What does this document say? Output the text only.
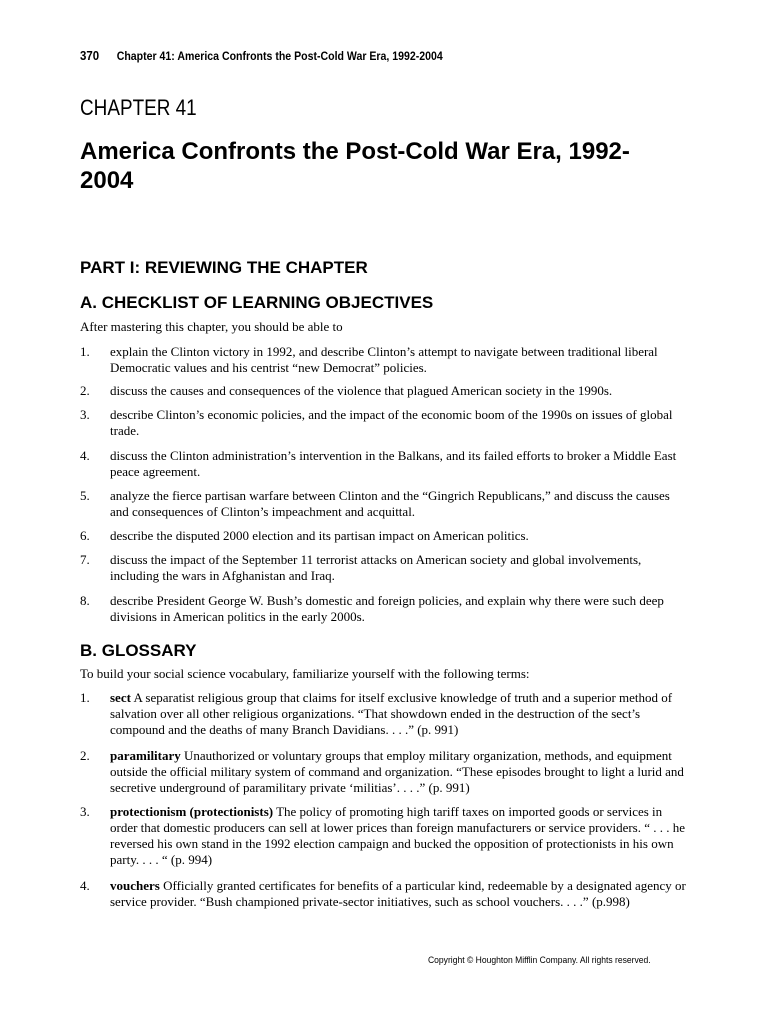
370 Chapter 41: America Confronts the Post-Cold War Era, 1992-2004
CHAPTER 41
America Confronts the Post-Cold War Era, 1992-2004
PART I: REVIEWING THE CHAPTER
A. CHECKLIST OF LEARNING OBJECTIVES
After mastering this chapter, you should be able to
1. explain the Clinton victory in 1992, and describe Clinton’s attempt to navigate between traditional liberal Democratic values and his centrist “new Democrat” policies.
2. discuss the causes and consequences of the violence that plagued American society in the 1990s.
3. describe Clinton’s economic policies, and the impact of the economic boom of the 1990s on issues of global trade.
4. discuss the Clinton administration’s intervention in the Balkans, and its failed efforts to broker a Middle East peace agreement.
5. analyze the fierce partisan warfare between Clinton and the “Gingrich Republicans,” and discuss the causes and consequences of Clinton’s impeachment and acquittal.
6. describe the disputed 2000 election and its partisan impact on American politics.
7. discuss the impact of the September 11 terrorist attacks on American society and global involvements, including the wars in Afghanistan and Iraq.
8. describe President George W. Bush’s domestic and foreign policies, and explain why there were such deep divisions in American politics in the early 2000s.
B. GLOSSARY
To build your social science vocabulary, familiarize yourself with the following terms:
1. sect A separatist religious group that claims for itself exclusive knowledge of truth and a superior method of salvation over all other religious organizations. “That showdown ended in the destruction of the sect’s compound and the deaths of many Branch Davidians. . . .” (p. 991)
2. paramilitary Unauthorized or voluntary groups that employ military organization, methods, and equipment outside the official military system of command and organization. “These episodes brought to light a lurid and secretive underground of paramilitary private ‘militias’. . . .” (p. 991)
3. protectionism (protectionists) The policy of promoting high tariff taxes on imported goods or services in order that domestic producers can sell at lower prices than foreign manufacturers or service providers. “ . . . he reversed his own stand in the 1992 election campaign and bucked the opposition of protectionists in his own party. . . . “ (p. 994)
4. vouchers Officially granted certificates for benefits of a particular kind, redeemable by a designated agency or service provider. “Bush championed private-sector initiatives, such as school vouchers. . . .” (p.998)
Copyright © Houghton Mifflin Company. All rights reserved.
